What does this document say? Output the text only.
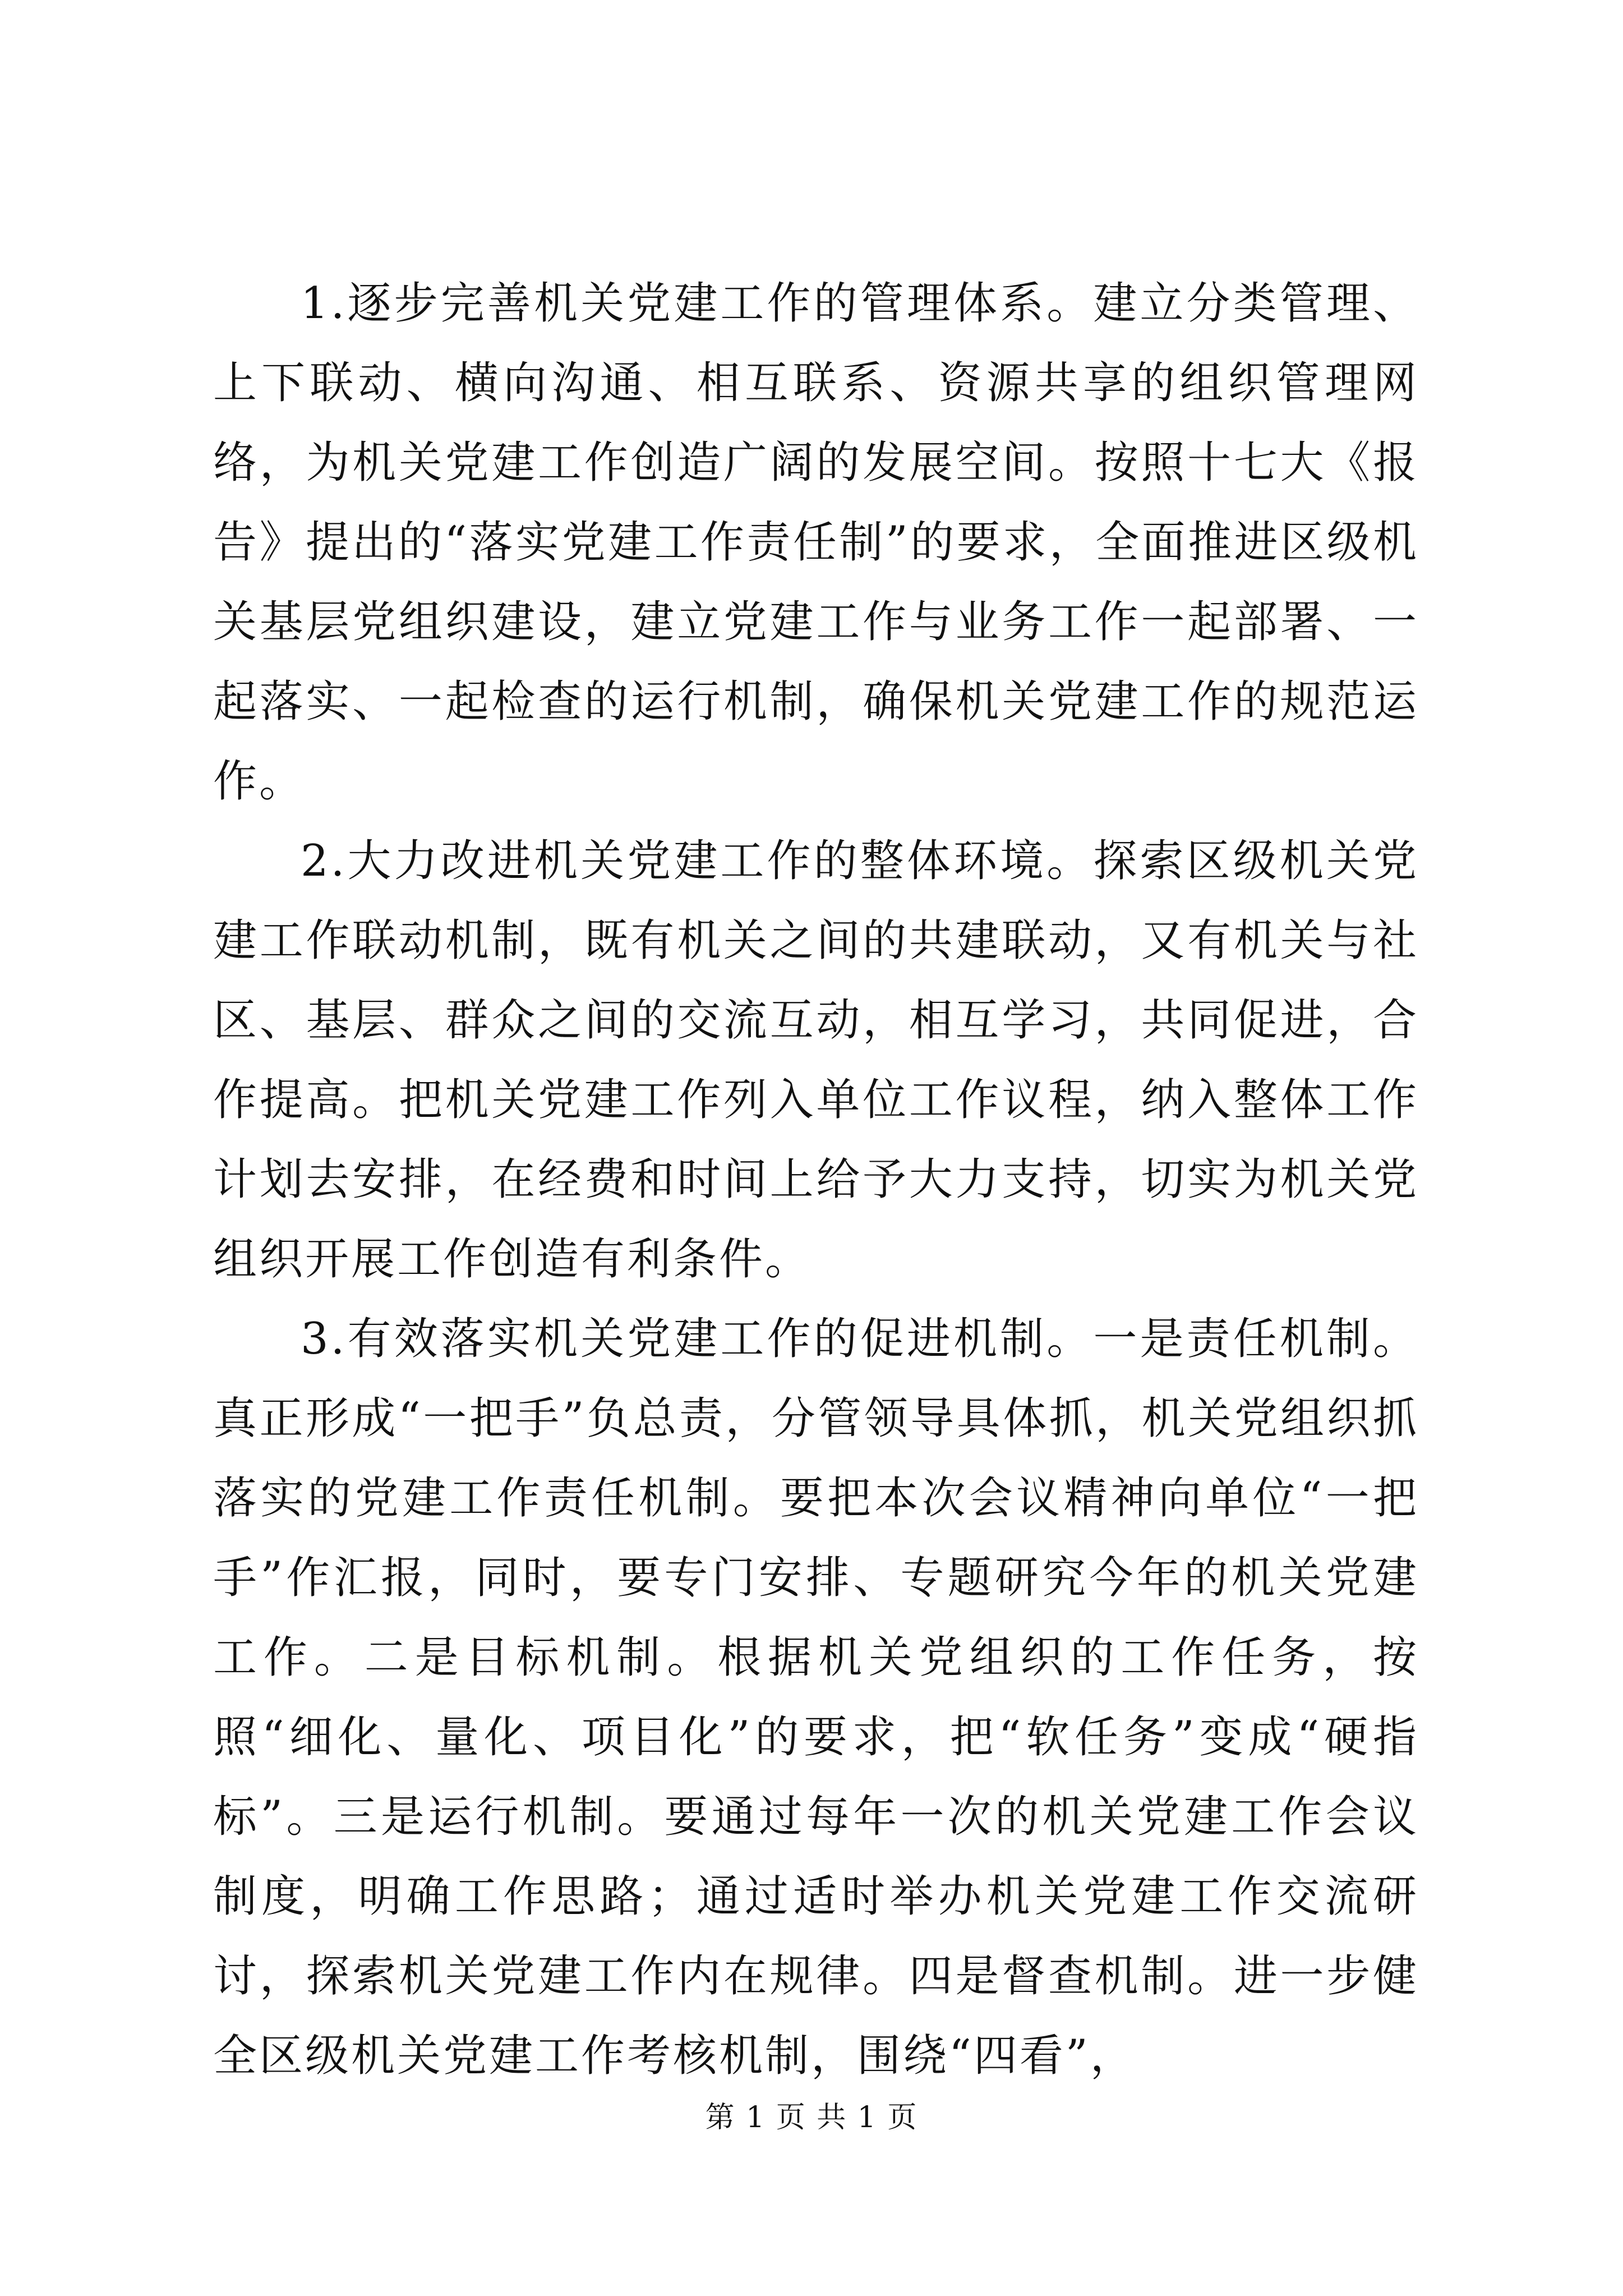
1.逐步完善机关党建工作的管理体系。建立分类管理、上下联动、横向沟通、相互联系、资源共享的组织管理网络，为机关党建工作创造广阔的发展空间。按照十七大《报告》提出的“落实党建工作责任制”的要求，全面推进区级机关基层党组织建设，建立党建工作与业务工作一起部署、一起落实、一起检查的运行机制，确保机关党建工作的规范运作。

2.大力改进机关党建工作的整体环境。探索区级机关党建工作联动机制，既有机关之间的共建联动，又有机关与社区、基层、群众之间的交流互动，相互学习，共同促进，合作提高。把机关党建工作列入单位工作议程，纳入整体工作计划去安排，在经费和时间上给予大力支持，切实为机关党组织开展工作创造有利条件。

3.有效落实机关党建工作的促进机制。一是责任机制。真正形成“一把手”负总责，分管领导具体抓，机关党组织抓落实的党建工作责任机制。要把本次会议精神向单位“一把手”作汇报，同时，要专门安排、专题研究今年的机关党建工作。二是目标机制。根据机关党组织的工作任务，按照“细化、量化、项目化”的要求，把“软任务”变成“硬指标”。三是运行机制。要通过每年一次的机关党建工作会议制度，明确工作思路；通过适时举办机关党建工作交流研讨，探索机关党建工作内在规律。四是督查机制。进一步健全区级机关党建工作考核机制，围绕“四看”，

第 1 页 共 1 页
